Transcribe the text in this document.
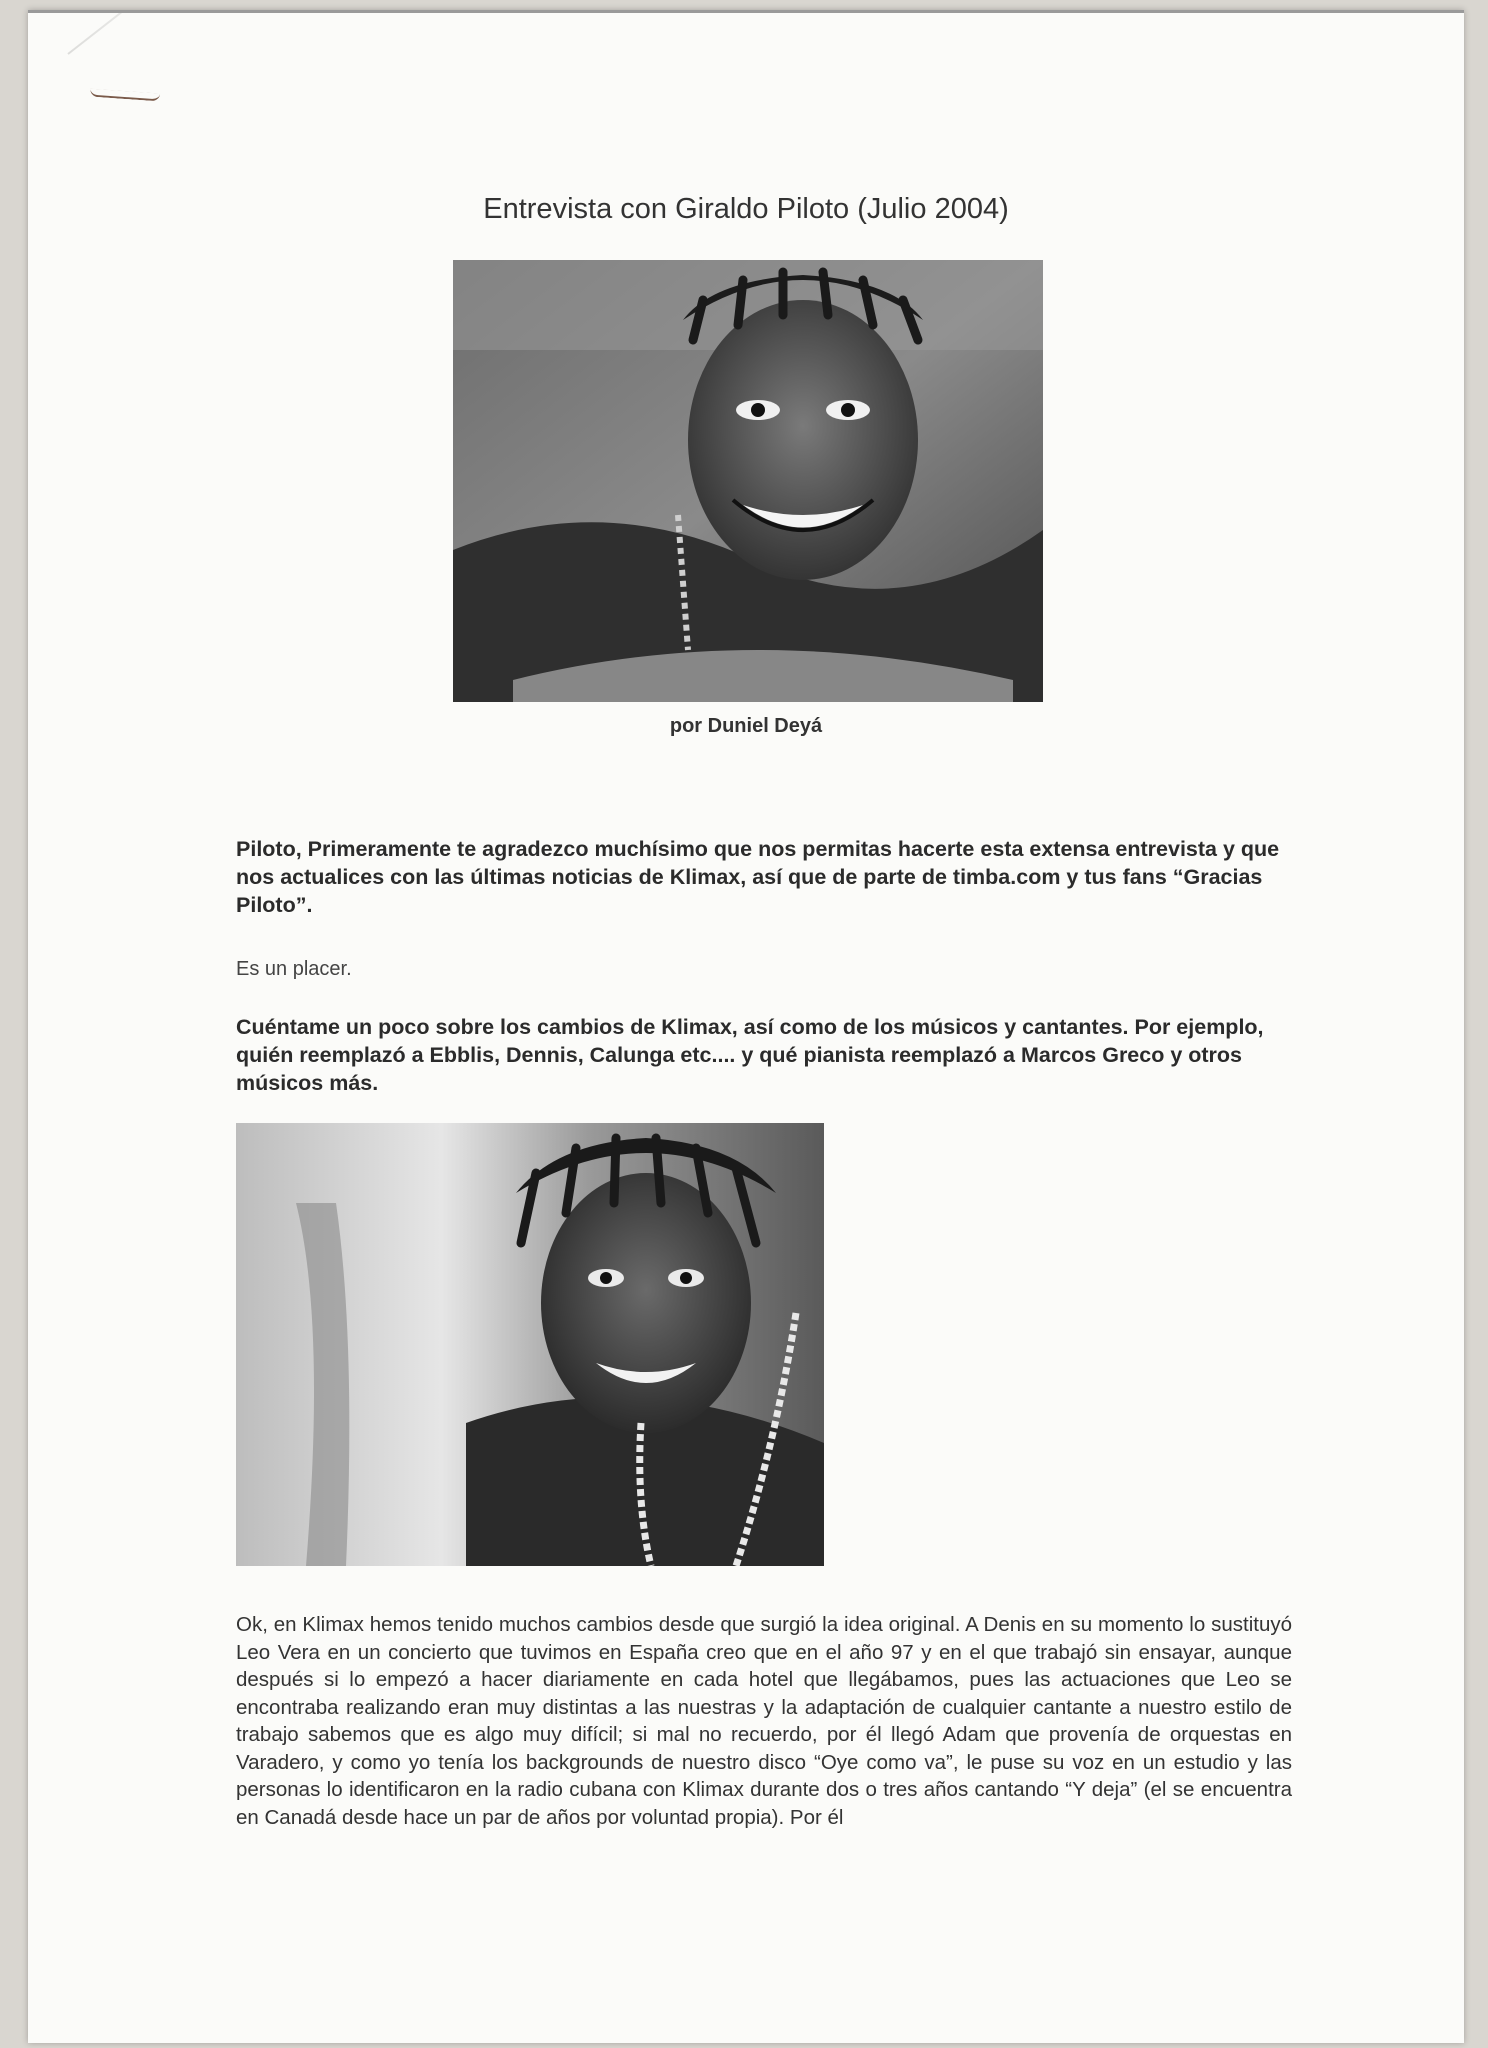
Entrevista con Giraldo Piloto (Julio 2004)
por Duniel Deyá

Piloto, Primeramente te agradezco muchísimo que nos permitas hacerte esta extensa entrevista y que nos actualices con las últimas noticias de Klimax, así que de parte de timba.com y tus fans “Gracias Piloto”.

Es un placer.

Cuéntame un poco sobre los cambios de Klimax, así como de los músicos y cantantes. Por ejemplo, quién reemplazó a Ebblis, Dennis, Calunga etc.... y qué pianista reemplazó a Marcos Greco y otros músicos más.

Ok, en Klimax hemos tenido muchos cambios desde que surgió la idea original. A Denis en su momento lo sustituyó Leo Vera en un concierto que tuvimos en España creo que en el año 97 y en el que trabajó sin ensayar, aunque después si lo empezó a hacer diariamente en cada hotel que llegábamos, pues las actuaciones que Leo se encontraba realizando eran muy distintas a las nuestras y la adaptación de cualquier cantante a nuestro estilo de trabajo sabemos que es algo muy difícil; si mal no recuerdo, por él llegó Adam que provenía de orquestas en Varadero, y como yo tenía los backgrounds de nuestro disco “Oye como va”, le puse su voz en un estudio y las personas lo identificaron en la radio cubana con Klimax durante dos o tres años cantando “Y deja” (el se encuentra en Canadá desde hace un par de años por voluntad propia). Por él
